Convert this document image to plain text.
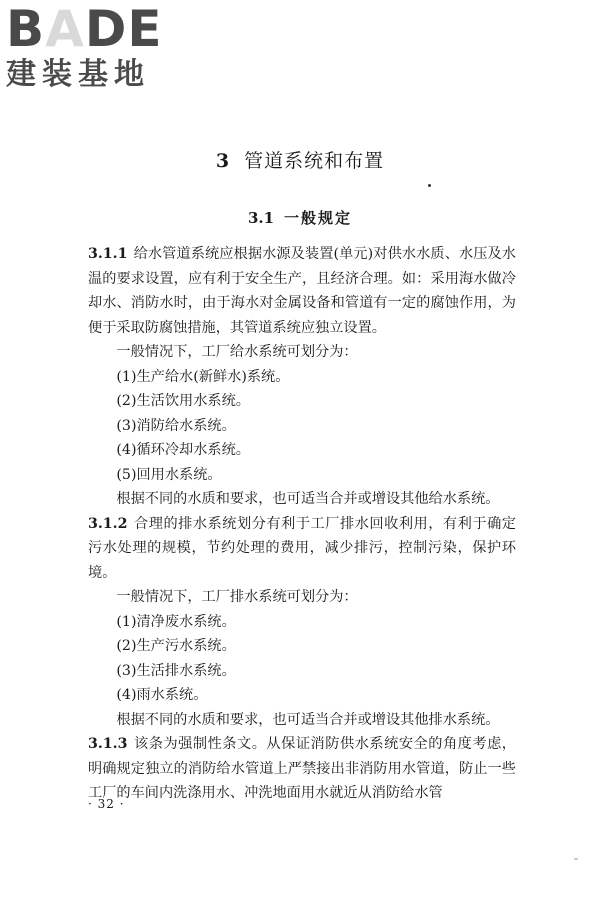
BADE
建装基地
3 管道系统和布置
3.1 一般规定

3.1.1 给水管道系统应根据水源及装置(单元)对供水水质、水压及水温的要求设置，应有利于安全生产，且经济合理。如：采用海水做冷却水、消防水时，由于海水对金属设备和管道有一定的腐蚀作用，为便于采取防腐蚀措施，其管道系统应独立设置。

一般情况下，工厂给水系统可划分为：

(1)生产给水(新鲜水)系统。

(2)生活饮用水系统。

(3)消防给水系统。

(4)循环冷却水系统。

(5)回用水系统。

根据不同的水质和要求，也可适当合并或增设其他给水系统。

3.1.2 合理的排水系统划分有利于工厂排水回收利用，有利于确定污水处理的规模，节约处理的费用，减少排污，控制污染，保护环境。

一般情况下，工厂排水系统可划分为：

(1)清净废水系统。

(2)生产污水系统。

(3)生活排水系统。

(4)雨水系统。

根据不同的水质和要求，也可适当合并或增设其他排水系统。

3.1.3 该条为强制性条文。从保证消防供水系统安全的角度考虑，明确规定独立的消防给水管道上严禁接出非消防用水管道，防止一些工厂的车间内洗涤用水、冲洗地面用水就近从消防给水管

· 32 ·
